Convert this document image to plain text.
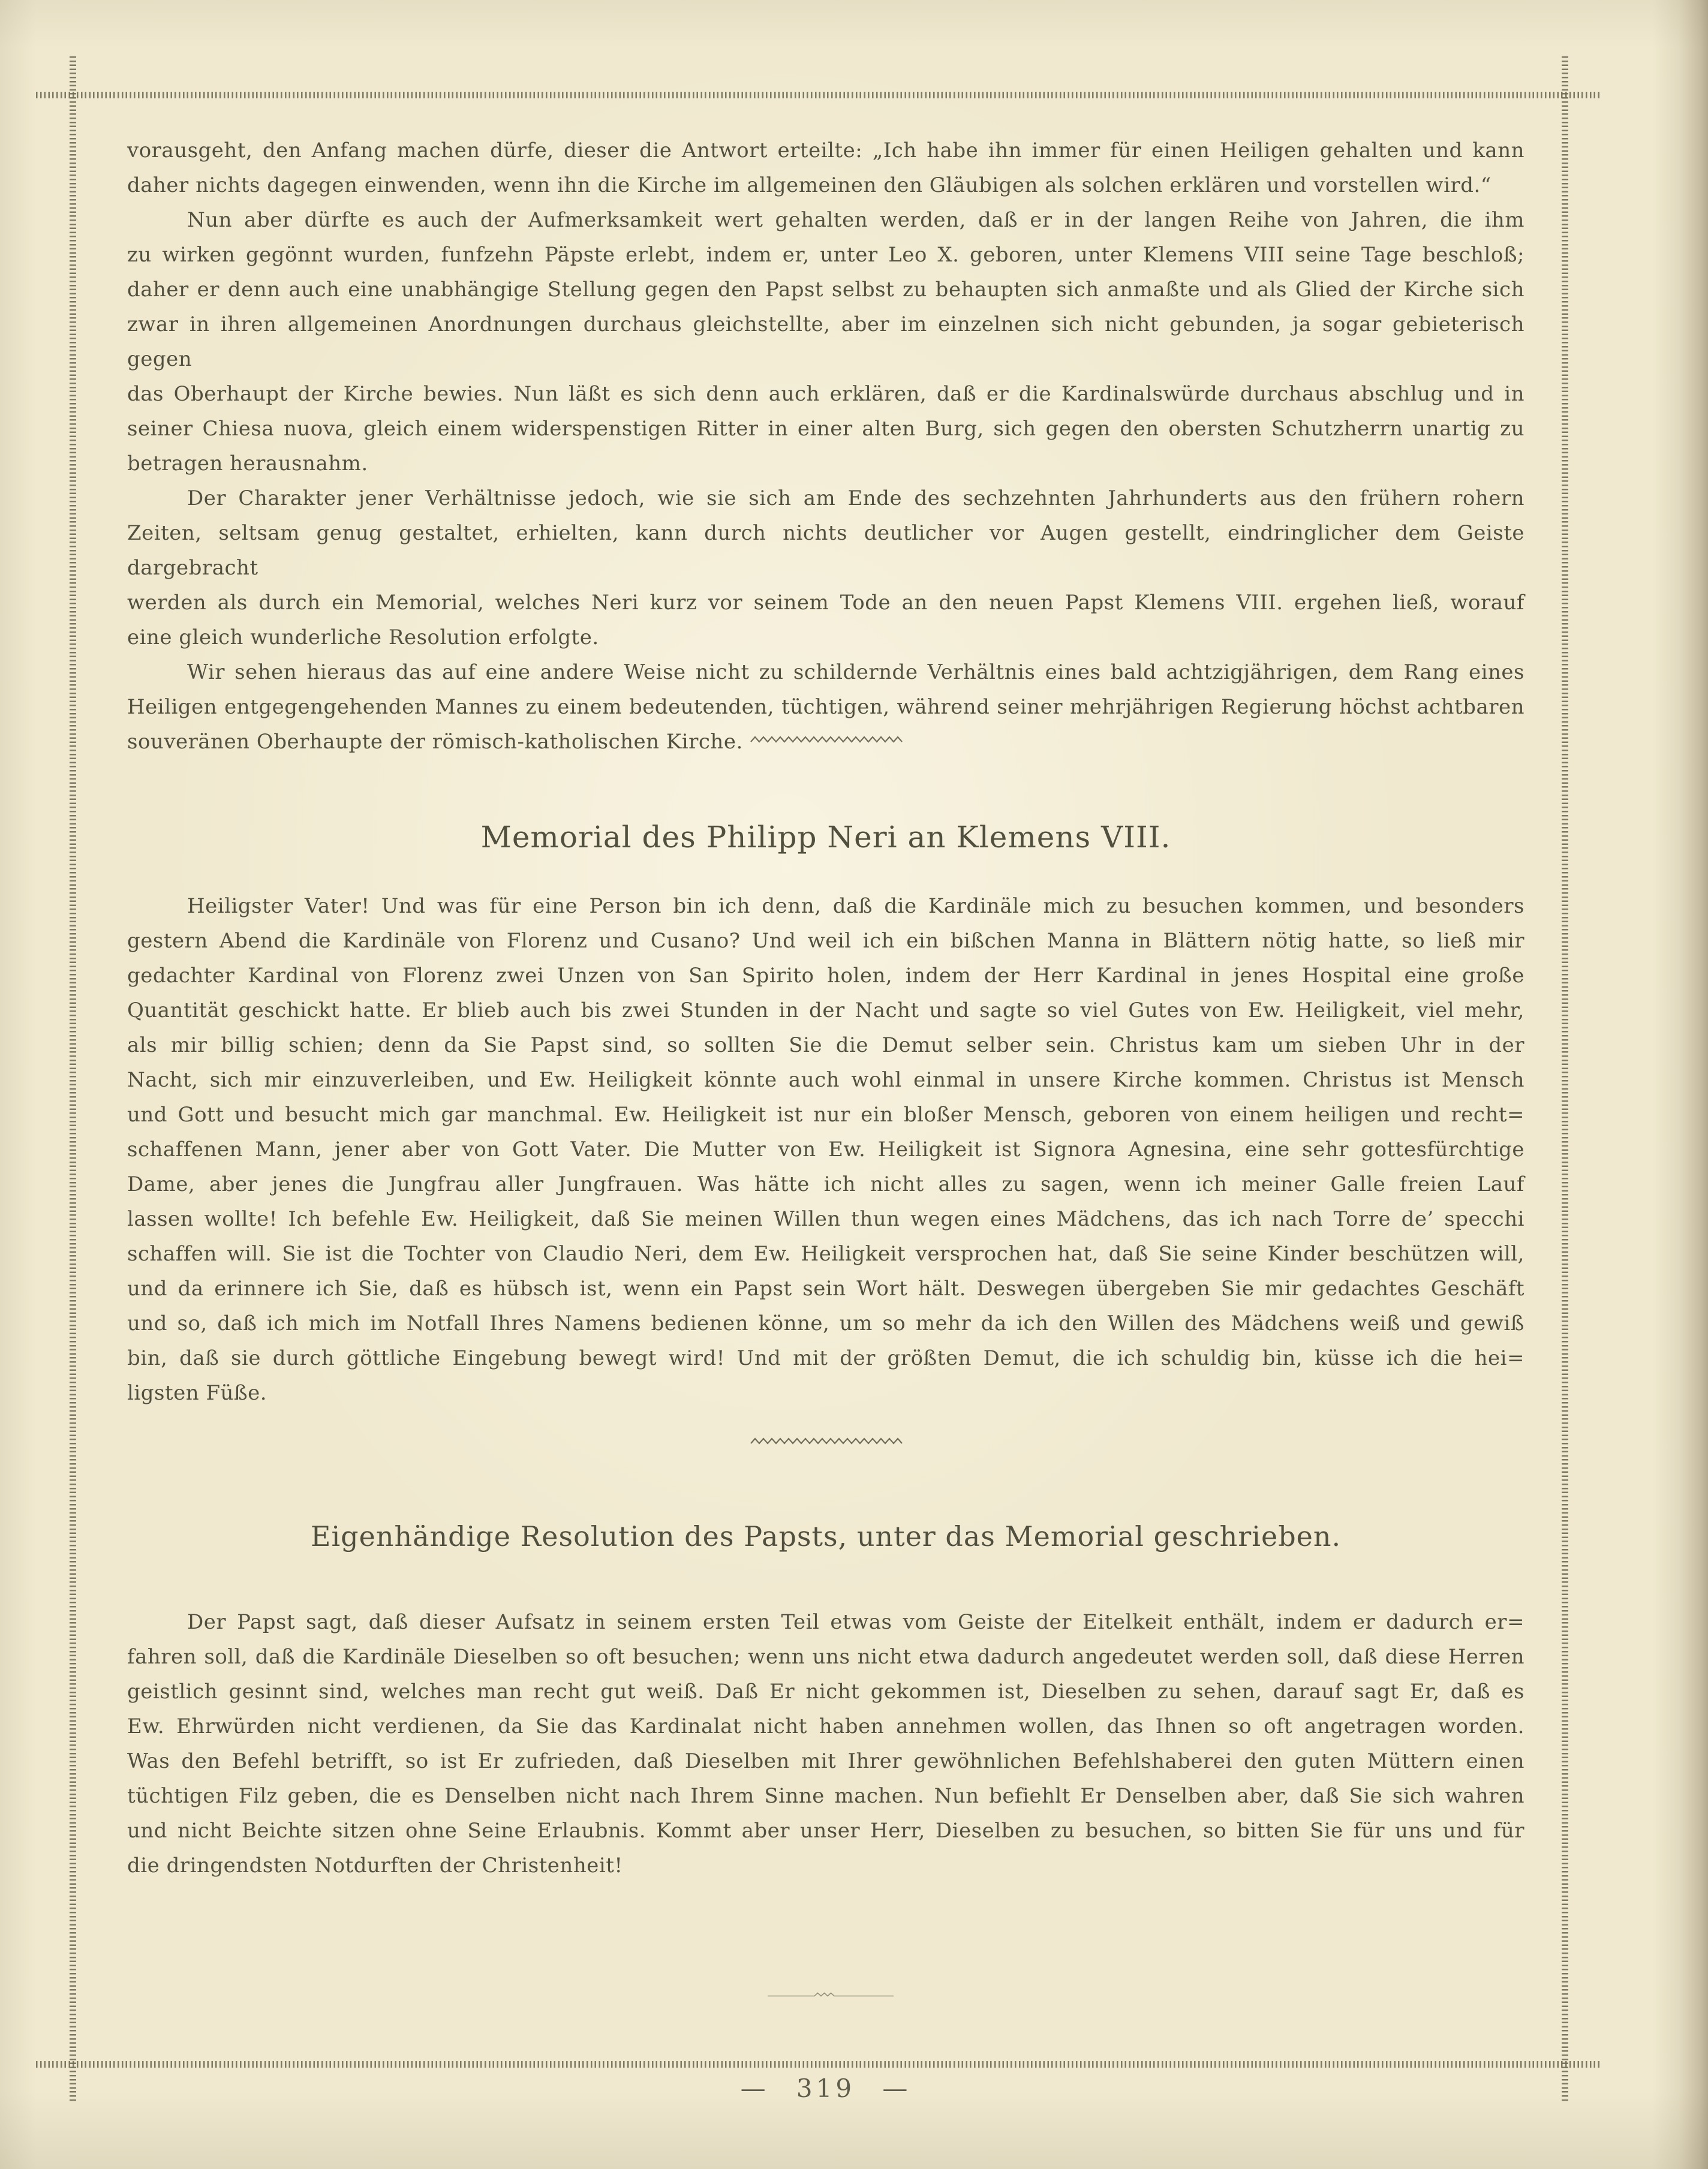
vorausgeht, den Anfang machen dürfe, dieser die Antwort erteilte: „Ich habe ihn immer für einen Heiligen gehalten und kann
daher nichts dagegen einwenden, wenn ihn die Kirche im allgemeinen den Gläubigen als solchen erklären und vorstellen wird.“
Nun aber dürfte es auch der Aufmerksamkeit wert gehalten werden, daß er in der langen Reihe von Jahren, die ihm
zu wirken gegönnt wurden, funfzehn Päpste erlebt, indem er, unter Leo X. geboren, unter Klemens VIII seine Tage beschloß;
daher er denn auch eine unabhängige Stellung gegen den Papst selbst zu behaupten sich anmaßte und als Glied der Kirche sich
zwar in ihren allgemeinen Anordnungen durchaus gleichstellte, aber im einzelnen sich nicht gebunden, ja sogar gebieterisch gegen
das Oberhaupt der Kirche bewies. Nun läßt es sich denn auch erklären, daß er die Kardinalswürde durchaus abschlug und in
seiner Chiesa nuova, gleich einem widerspenstigen Ritter in einer alten Burg, sich gegen den obersten Schutzherrn unartig zu
betragen herausnahm.
Der Charakter jener Verhältnisse jedoch, wie sie sich am Ende des sechzehnten Jahrhunderts aus den frühern rohern
Zeiten, seltsam genug gestaltet, erhielten, kann durch nichts deutlicher vor Augen gestellt, eindringlicher dem Geiste dargebracht
werden als durch ein Memorial, welches Neri kurz vor seinem Tode an den neuen Papst Klemens VIII. ergehen ließ, worauf
eine gleich wunderliche Resolution erfolgte.
Wir sehen hieraus das auf eine andere Weise nicht zu schildernde Verhältnis eines bald achtzigjährigen, dem Rang eines
Heiligen entgegengehenden Mannes zu einem bedeutenden, tüchtigen, während seiner mehrjährigen Regierung höchst achtbaren
souveränen Oberhaupte der römisch-katholischen Kirche.
Memorial des Philipp Neri an Klemens VIII.
Heiligster Vater! Und was für eine Person bin ich denn, daß die Kardinäle mich zu besuchen kommen, und besonders
gestern Abend die Kardinäle von Florenz und Cusano? Und weil ich ein bißchen Manna in Blättern nötig hatte, so ließ mir
gedachter Kardinal von Florenz zwei Unzen von San Spirito holen, indem der Herr Kardinal in jenes Hospital eine große
Quantität geschickt hatte. Er blieb auch bis zwei Stunden in der Nacht und sagte so viel Gutes von Ew. Heiligkeit, viel mehr,
als mir billig schien; denn da Sie Papst sind, so sollten Sie die Demut selber sein. Christus kam um sieben Uhr in der
Nacht, sich mir einzuverleiben, und Ew. Heiligkeit könnte auch wohl einmal in unsere Kirche kommen. Christus ist Mensch
und Gott und besucht mich gar manchmal. Ew. Heiligkeit ist nur ein bloßer Mensch, geboren von einem heiligen und recht=
schaffenen Mann, jener aber von Gott Vater. Die Mutter von Ew. Heiligkeit ist Signora Agnesina, eine sehr gottesfürchtige
Dame, aber jenes die Jungfrau aller Jungfrauen. Was hätte ich nicht alles zu sagen, wenn ich meiner Galle freien Lauf
lassen wollte! Ich befehle Ew. Heiligkeit, daß Sie meinen Willen thun wegen eines Mädchens, das ich nach Torre de’ specchi
schaffen will. Sie ist die Tochter von Claudio Neri, dem Ew. Heiligkeit versprochen hat, daß Sie seine Kinder beschützen will,
und da erinnere ich Sie, daß es hübsch ist, wenn ein Papst sein Wort hält. Deswegen übergeben Sie mir gedachtes Geschäft
und so, daß ich mich im Notfall Ihres Namens bedienen könne, um so mehr da ich den Willen des Mädchens weiß und gewiß
bin, daß sie durch göttliche Eingebung bewegt wird! Und mit der größten Demut, die ich schuldig bin, küsse ich die hei=
ligsten Füße.
Eigenhändige Resolution des Papsts, unter das Memorial geschrieben.
Der Papst sagt, daß dieser Aufsatz in seinem ersten Teil etwas vom Geiste der Eitelkeit enthält, indem er dadurch er=
fahren soll, daß die Kardinäle Dieselben so oft besuchen; wenn uns nicht etwa dadurch angedeutet werden soll, daß diese Herren
geistlich gesinnt sind, welches man recht gut weiß. Daß Er nicht gekommen ist, Dieselben zu sehen, darauf sagt Er, daß es
Ew. Ehrwürden nicht verdienen, da Sie das Kardinalat nicht haben annehmen wollen, das Ihnen so oft angetragen worden.
Was den Befehl betrifft, so ist Er zufrieden, daß Dieselben mit Ihrer gewöhnlichen Befehlshaberei den guten Müttern einen
tüchtigen Filz geben, die es Denselben nicht nach Ihrem Sinne machen. Nun befiehlt Er Denselben aber, daß Sie sich wahren
und nicht Beichte sitzen ohne Seine Erlaubnis. Kommt aber unser Herr, Dieselben zu besuchen, so bitten Sie für uns und für
die dringendsten Notdurften der Christenheit!
— 319 —
